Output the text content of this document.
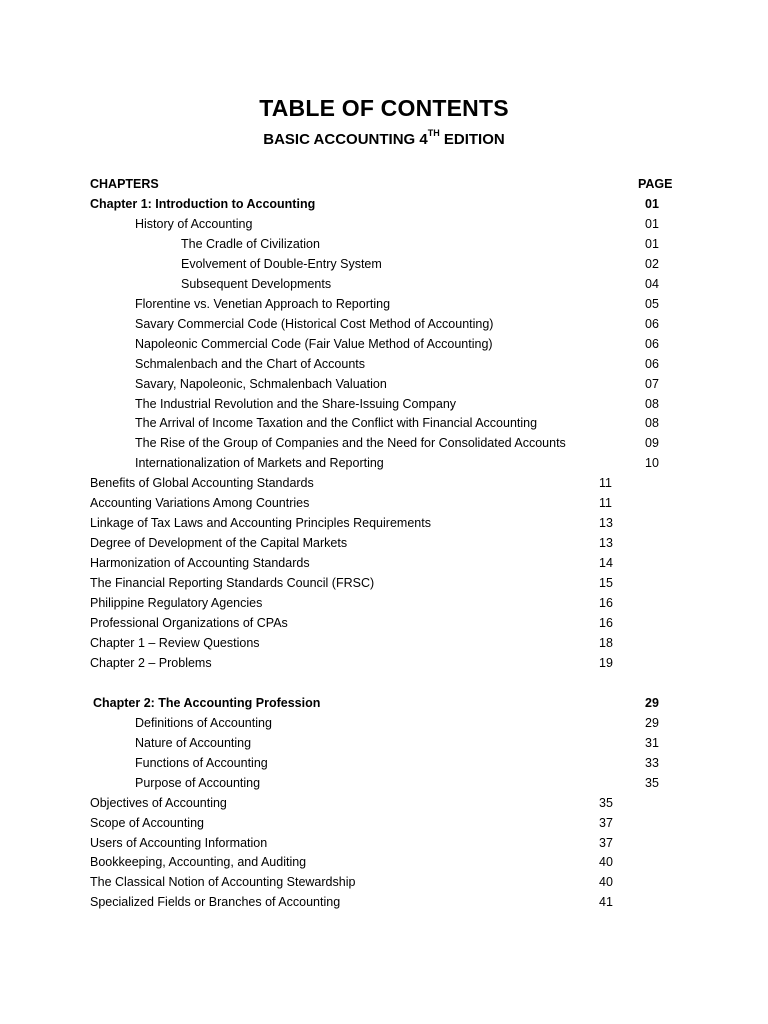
TABLE OF CONTENTS
BASIC ACCOUNTING 4TH EDITION
CHAPTERS	PAGE
Chapter 1: Introduction to Accounting	01
History of Accounting	01
The Cradle of Civilization	01
Evolvement of Double-Entry System	02
Subsequent Developments	04
Florentine vs. Venetian Approach to Reporting	05
Savary Commercial Code (Historical Cost Method of Accounting)	06
Napoleonic Commercial Code (Fair Value Method of Accounting)	06
Schmalenbach and the Chart of Accounts	06
Savary, Napoleonic, Schmalenbach Valuation	07
The Industrial Revolution and the Share-Issuing Company	08
The Arrival of Income Taxation and the Conflict with Financial Accounting	08
The Rise of the Group of Companies and the Need for Consolidated Accounts	09
Internationalization of Markets and Reporting	10
Benefits of Global Accounting Standards	11
Accounting Variations Among Countries	11
Linkage of Tax Laws and Accounting Principles Requirements	13
Degree of Development of the Capital Markets	13
Harmonization of Accounting Standards	14
The Financial Reporting Standards Council (FRSC)	15
Philippine Regulatory Agencies	16
Professional Organizations of CPAs	16
Chapter 1 – Review Questions	18
Chapter 2 – Problems	19
Chapter 2: The Accounting Profession	29
Definitions of Accounting	29
Nature of Accounting	31
Functions of Accounting	33
Purpose of Accounting	35
Objectives of Accounting	35
Scope of Accounting	37
Users of Accounting Information	37
Bookkeeping, Accounting, and Auditing	40
The Classical Notion of Accounting Stewardship	40
Specialized Fields or Branches of Accounting	41
